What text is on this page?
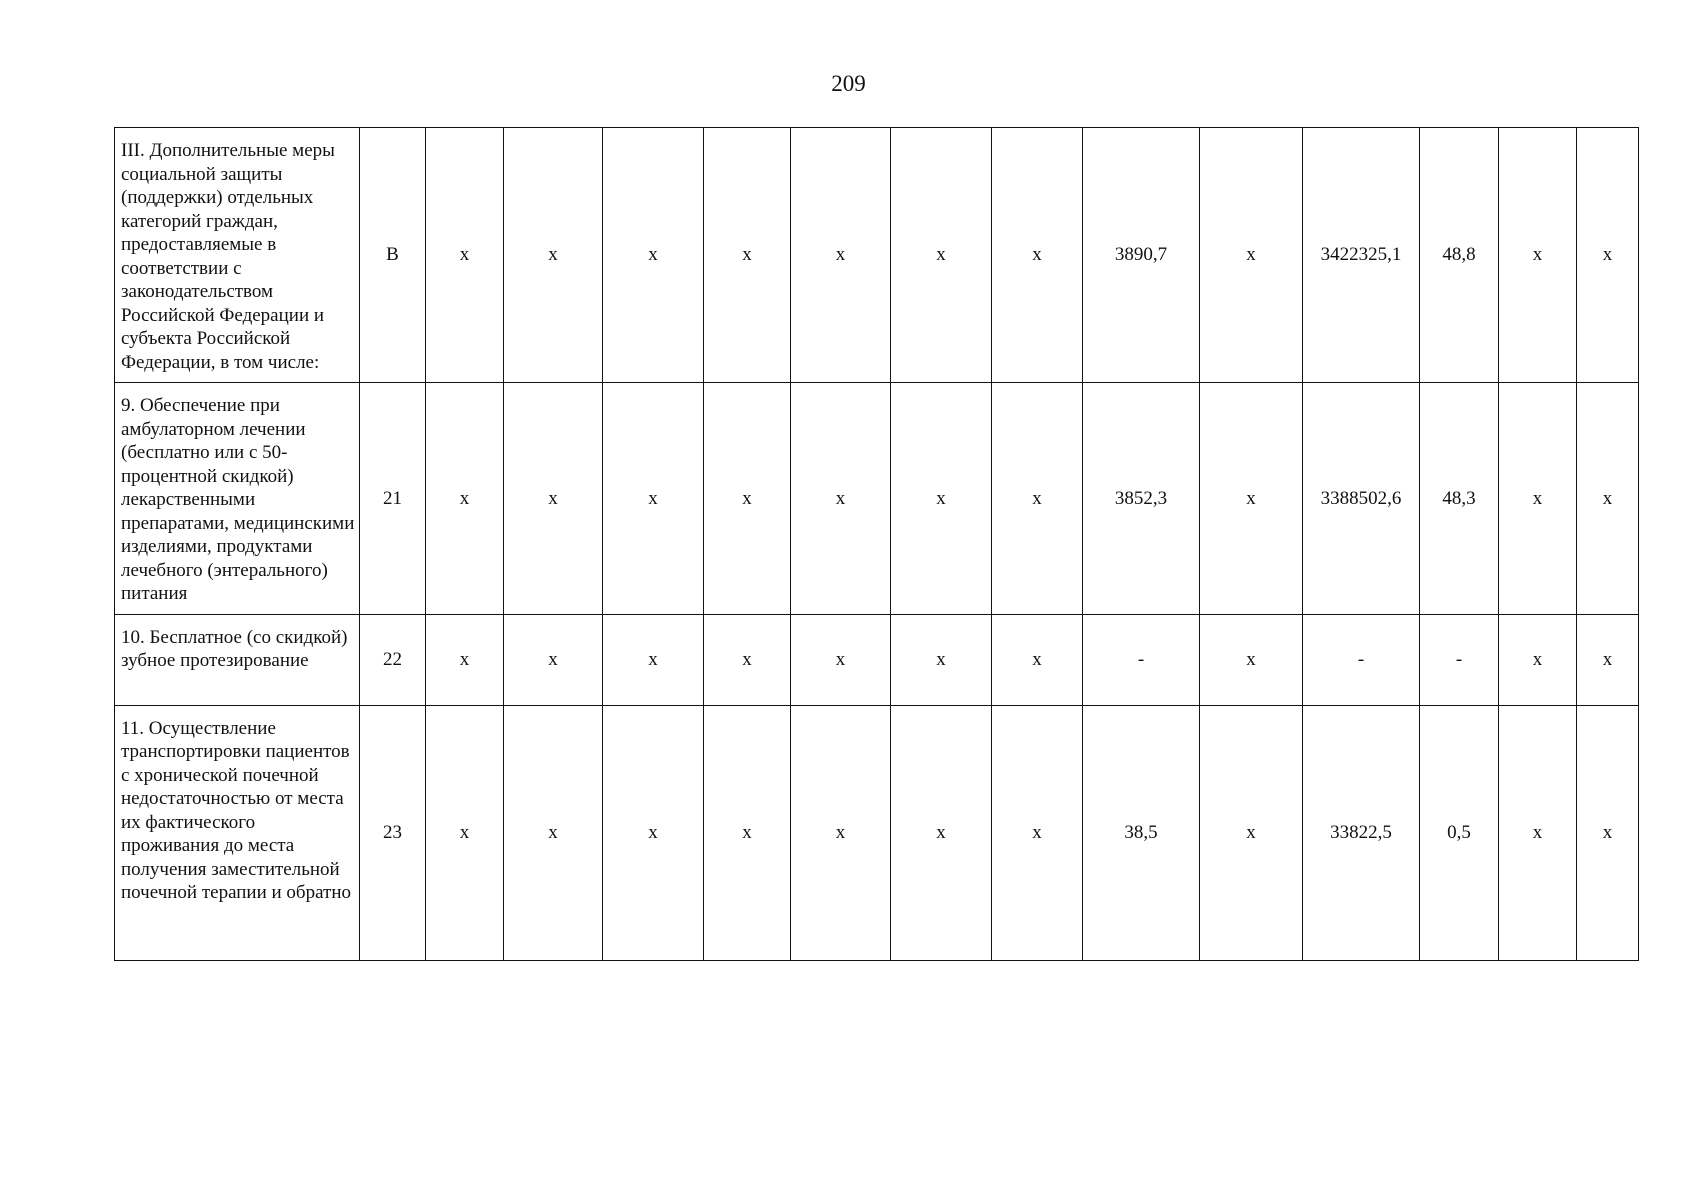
209
III. Дополнительные меры социальной защиты (поддержки) отдельных категорий граждан, предоставляемые в соответствии с законодательством Российской Федерации и субъекта Российской Федерации, в том числе:	В	x	x	x	x	x	x	x	3890,7	x	3422325,1	48,8	x	x
9. Обеспечение при амбулаторном лечении (бесплатно или с 50-процентной скидкой) лекарственными препаратами, медицинскими изделиями, продуктами лечебного (энтерального) питания	21	x	x	x	x	x	x	x	3852,3	x	3388502,6	48,3	x	x
10. Бесплатное (со скидкой) зубное протезирование	22	x	x	x	x	x	x	x	-	x	-	-	x	x
11. Осуществление транспортировки пациентов с хронической почечной недостаточностью от места их фактического проживания до места получения заместительной почечной терапии и обратно	23	x	x	x	x	x	x	x	38,5	x	33822,5	0,5	x	x
